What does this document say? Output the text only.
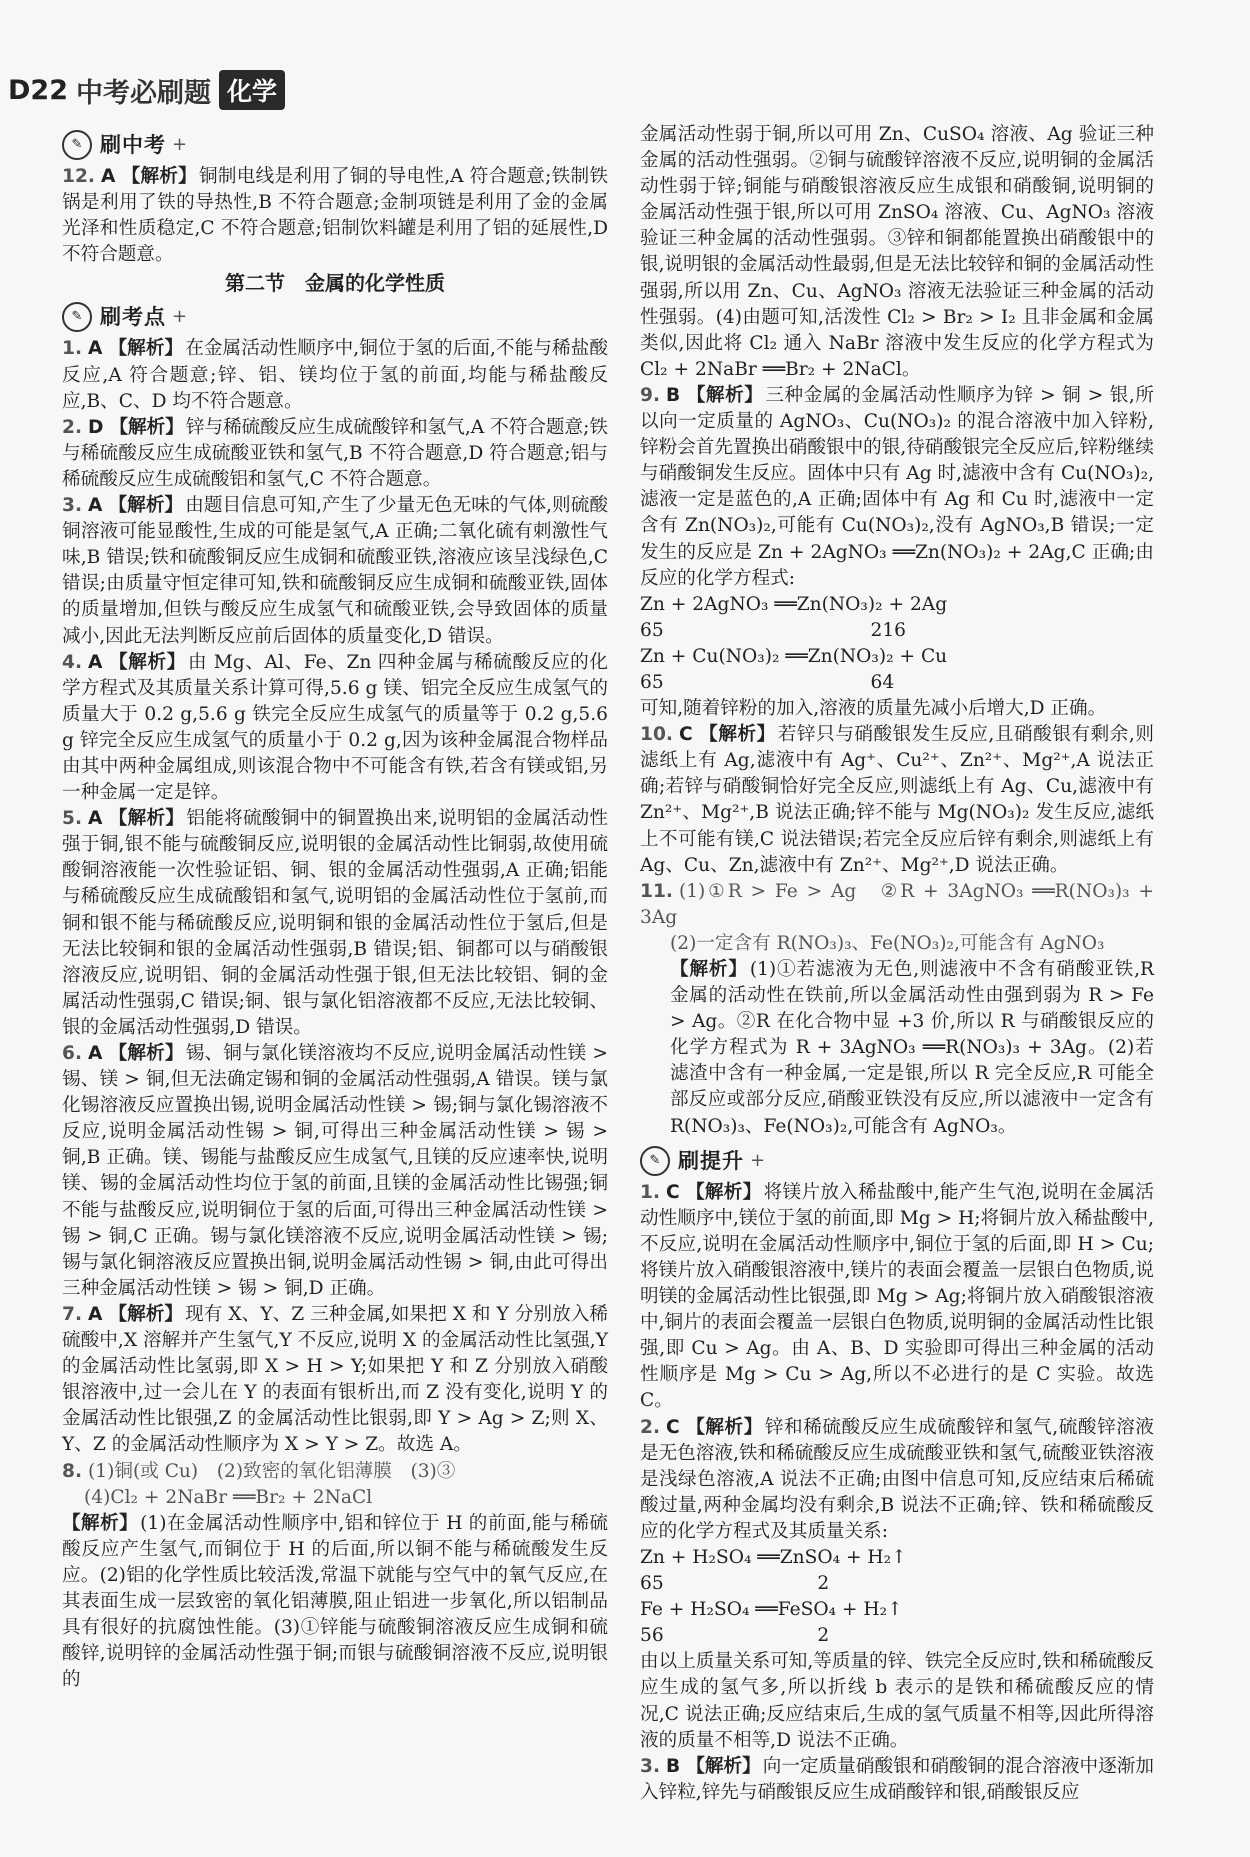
D22 中考必刷题 化学
✎ 刷中考 +
12. A 【解析】 铜制电线是利用了铜的导电性,A 符合题意;铁制铁锅是利用了铁的导热性,B 不符合题意;金制项链是利用了金的金属光泽和性质稳定,C 不符合题意;铝制饮料罐是利用了铝的延展性,D 不符合题意。
第二节　金属的化学性质
✎ 刷考点 +
1. A 【解析】 在金属活动性顺序中,铜位于氢的后面,不能与稀盐酸反应,A 符合题意;锌、铝、镁均位于氢的前面,均能与稀盐酸反应,B、C、D 均不符合题意。
2. D 【解析】 锌与稀硫酸反应生成硫酸锌和氢气,A 不符合题意;铁与稀硫酸反应生成硫酸亚铁和氢气,B 不符合题意,D 符合题意;铝与稀硫酸反应生成硫酸铝和氢气,C 不符合题意。
3. A 【解析】 由题目信息可知,产生了少量无色无味的气体,则硫酸铜溶液可能显酸性,生成的可能是氢气,A 正确;二氧化硫有刺激性气味,B 错误;铁和硫酸铜反应生成铜和硫酸亚铁,溶液应该呈浅绿色,C 错误;由质量守恒定律可知,铁和硫酸铜反应生成铜和硫酸亚铁,固体的质量增加,但铁与酸反应生成氢气和硫酸亚铁,会导致固体的质量减小,因此无法判断反应前后固体的质量变化,D 错误。
4. A 【解析】 由 Mg、Al、Fe、Zn 四种金属与稀硫酸反应的化学方程式及其质量关系计算可得,5.6 g 镁、铝完全反应生成氢气的质量大于 0.2 g,5.6 g 铁完全反应生成氢气的质量等于 0.2 g,5.6 g 锌完全反应生成氢气的质量小于 0.2 g,因为该种金属混合物样品由其中两种金属组成,则该混合物中不可能含有铁,若含有镁或铝,另一种金属一定是锌。
5. A 【解析】 铝能将硫酸铜中的铜置换出来,说明铝的金属活动性强于铜,银不能与硫酸铜反应,说明银的金属活动性比铜弱,故使用硫酸铜溶液能一次性验证铝、铜、银的金属活动性强弱,A 正确;铝能与稀硫酸反应生成硫酸铝和氢气,说明铝的金属活动性位于氢前,而铜和银不能与稀硫酸反应,说明铜和银的金属活动性位于氢后,但是无法比较铜和银的金属活动性强弱,B 错误;铝、铜都可以与硝酸银溶液反应,说明铝、铜的金属活动性强于银,但无法比较铝、铜的金属活动性强弱,C 错误;铜、银与氯化铝溶液都不反应,无法比较铜、银的金属活动性强弱,D 错误。
6. A 【解析】 锡、铜与氯化镁溶液均不反应,说明金属活动性镁 > 锡、镁 > 铜,但无法确定锡和铜的金属活动性强弱,A 错误。镁与氯化锡溶液反应置换出锡,说明金属活动性镁 > 锡;铜与氯化锡溶液不反应,说明金属活动性锡 > 铜,可得出三种金属活动性镁 > 锡 > 铜,B 正确。镁、锡能与盐酸反应生成氢气,且镁的反应速率快,说明镁、锡的金属活动性均位于氢的前面,且镁的金属活动性比锡强;铜不能与盐酸反应,说明铜位于氢的后面,可得出三种金属活动性镁 > 锡 > 铜,C 正确。锡与氯化镁溶液不反应,说明金属活动性镁 > 锡;锡与氯化铜溶液反应置换出铜,说明金属活动性锡 > 铜,由此可得出三种金属活动性镁 > 锡 > 铜,D 正确。
7. A 【解析】 现有 X、Y、Z 三种金属,如果把 X 和 Y 分别放入稀硫酸中,X 溶解并产生氢气,Y 不反应,说明 X 的金属活动性比氢强,Y 的金属活动性比氢弱,即 X > H > Y;如果把 Y 和 Z 分别放入硝酸银溶液中,过一会儿在 Y 的表面有银析出,而 Z 没有变化,说明 Y 的金属活动性比银强,Z 的金属活动性比银弱,即 Y > Ag > Z;则 X、Y、Z 的金属活动性顺序为 X > Y > Z。故选 A。
8. (1)铜(或 Cu)　(2)致密的氧化铝薄膜　(3)③
(4)Cl₂ + 2NaBr ══Br₂ + 2NaCl
【解析】 (1)在金属活动性顺序中,铝和锌位于 H 的前面,能与稀硫酸反应产生氢气,而铜位于 H 的后面,所以铜不能与稀硫酸发生反应。(2)铝的化学性质比较活泼,常温下就能与空气中的氧气反应,在其表面生成一层致密的氧化铝薄膜,阻止铝进一步氧化,所以铝制品具有很好的抗腐蚀性能。(3)①锌能与硫酸铜溶液反应生成铜和硫酸锌,说明锌的金属活动性强于铜;而银与硫酸铜溶液不反应,说明银的
金属活动性弱于铜,所以可用 Zn、CuSO₄ 溶液、Ag 验证三种金属的活动性强弱。②铜与硫酸锌溶液不反应,说明铜的金属活动性弱于锌;铜能与硝酸银溶液反应生成银和硝酸铜,说明铜的金属活动性强于银,所以可用 ZnSO₄ 溶液、Cu、AgNO₃ 溶液验证三种金属的活动性强弱。③锌和铜都能置换出硝酸银中的银,说明银的金属活动性最弱,但是无法比较锌和铜的金属活动性强弱,所以用 Zn、Cu、AgNO₃ 溶液无法验证三种金属的活动性强弱。(4)由题可知,活泼性 Cl₂ > Br₂ > I₂ 且非金属和金属类似,因此将 Cl₂ 通入 NaBr 溶液中发生反应的化学方程式为 Cl₂ + 2NaBr ══Br₂ + 2NaCl。
9. B 【解析】 三种金属的金属活动性顺序为锌 > 铜 > 银,所以向一定质量的 AgNO₃、Cu(NO₃)₂ 的混合溶液中加入锌粉,锌粉会首先置换出硝酸银中的银,待硝酸银完全反应后,锌粉继续与硝酸铜发生反应。固体中只有 Ag 时,滤液中含有 Cu(NO₃)₂,滤液一定是蓝色的,A 正确;固体中有 Ag 和 Cu 时,滤液中一定含有 Zn(NO₃)₂,可能有 Cu(NO₃)₂,没有 AgNO₃,B 错误;一定发生的反应是 Zn + 2AgNO₃ ══Zn(NO₃)₂ + 2Ag,C 正确;由反应的化学方程式:
Zn + 2AgNO₃ ══Zn(NO₃)₂ + 2Ag
65                                   216
Zn + Cu(NO₃)₂ ══Zn(NO₃)₂ + Cu
65                                   64
可知,随着锌粉的加入,溶液的质量先减小后增大,D 正确。
10. C 【解析】 若锌只与硝酸银发生反应,且硝酸银有剩余,则滤纸上有 Ag,滤液中有 Ag⁺、Cu²⁺、Zn²⁺、Mg²⁺,A 说法正确;若锌与硝酸铜恰好完全反应,则滤纸上有 Ag、Cu,滤液中有 Zn²⁺、Mg²⁺,B 说法正确;锌不能与 Mg(NO₃)₂ 发生反应,滤纸上不可能有镁,C 说法错误;若完全反应后锌有剩余,则滤纸上有 Ag、Cu、Zn,滤液中有 Zn²⁺、Mg²⁺,D 说法正确。
11. (1)①R > Fe > Ag　②R + 3AgNO₃ ══R(NO₃)₃ + 3Ag
(2)一定含有 R(NO₃)₃、Fe(NO₃)₂,可能含有 AgNO₃
【解析】 (1)①若滤液为无色,则滤液中不含有硝酸亚铁,R 金属的活动性在铁前,所以金属活动性由强到弱为 R > Fe > Ag。②R 在化合物中显 +3 价,所以 R 与硝酸银反应的化学方程式为 R + 3AgNO₃ ══R(NO₃)₃ + 3Ag。(2)若滤渣中含有一种金属,一定是银,所以 R 完全反应,R 可能全部反应或部分反应,硝酸亚铁没有反应,所以滤液中一定含有 R(NO₃)₃、Fe(NO₃)₂,可能含有 AgNO₃。
✎ 刷提升 +
1. C 【解析】 将镁片放入稀盐酸中,能产生气泡,说明在金属活动性顺序中,镁位于氢的前面,即 Mg > H;将铜片放入稀盐酸中,不反应,说明在金属活动性顺序中,铜位于氢的后面,即 H > Cu;将镁片放入硝酸银溶液中,镁片的表面会覆盖一层银白色物质,说明镁的金属活动性比银强,即 Mg > Ag;将铜片放入硝酸银溶液中,铜片的表面会覆盖一层银白色物质,说明铜的金属活动性比银强,即 Cu > Ag。由 A、B、D 实验即可得出三种金属的活动性顺序是 Mg > Cu > Ag,所以不必进行的是 C 实验。故选 C。
2. C 【解析】 锌和稀硫酸反应生成硫酸锌和氢气,硫酸锌溶液是无色溶液,铁和稀硫酸反应生成硫酸亚铁和氢气,硫酸亚铁溶液是浅绿色溶液,A 说法不正确;由图中信息可知,反应结束后稀硫酸过量,两种金属均没有剩余,B 说法不正确;锌、铁和稀硫酸反应的化学方程式及其质量关系:
Zn + H₂SO₄ ══ZnSO₄ + H₂↑
65                          2
Fe + H₂SO₄ ══FeSO₄ + H₂↑
56                          2
由以上质量关系可知,等质量的锌、铁完全反应时,铁和稀硫酸反应生成的氢气多,所以折线 b 表示的是铁和稀硫酸反应的情况,C 说法正确;反应结束后,生成的氢气质量不相等,因此所得溶液的质量不相等,D 说法不正确。
3. B 【解析】 向一定质量硝酸银和硝酸铜的混合溶液中逐渐加入锌粒,锌先与硝酸银反应生成硝酸锌和银,硝酸银反应
